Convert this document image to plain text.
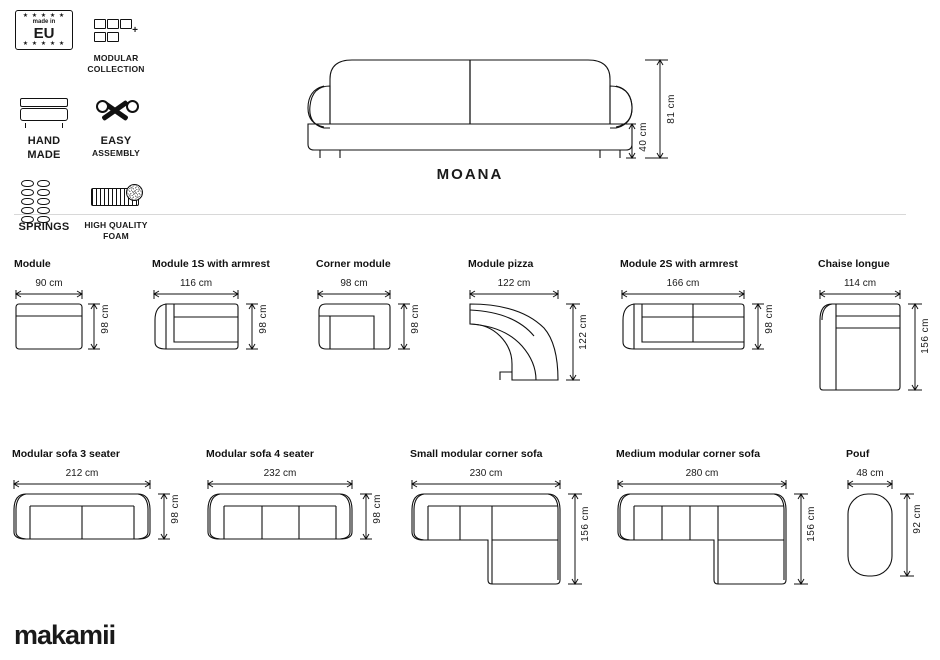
★ ★ ★ ★ ★
made in
EU
★ ★ ★ ★ ★
+
MODULAR
COLLECTION
HAND
MADE
EASY
ASSEMBLY
SPRINGS HIGH QUALITY
FOAM
81 cm
40 cm
MOANA
Module
90 cm
98 cm
Module 1S with armrest
116 cm
98 cm
Corner module
98 cm
98 cm
Module pizza
122 cm
122 cm
Module 2S with armrest
166 cm
98 cm
Chaise longue
114 cm
156 cm
Modular sofa 3 seater
212 cm
98 cm
Modular sofa 4 seater
232 cm
98 cm
Small modular corner sofa
230 cm
156 cm
Medium modular corner sofa
280 cm
156 cm
Pouf
48 cm
92 cm
makamii
